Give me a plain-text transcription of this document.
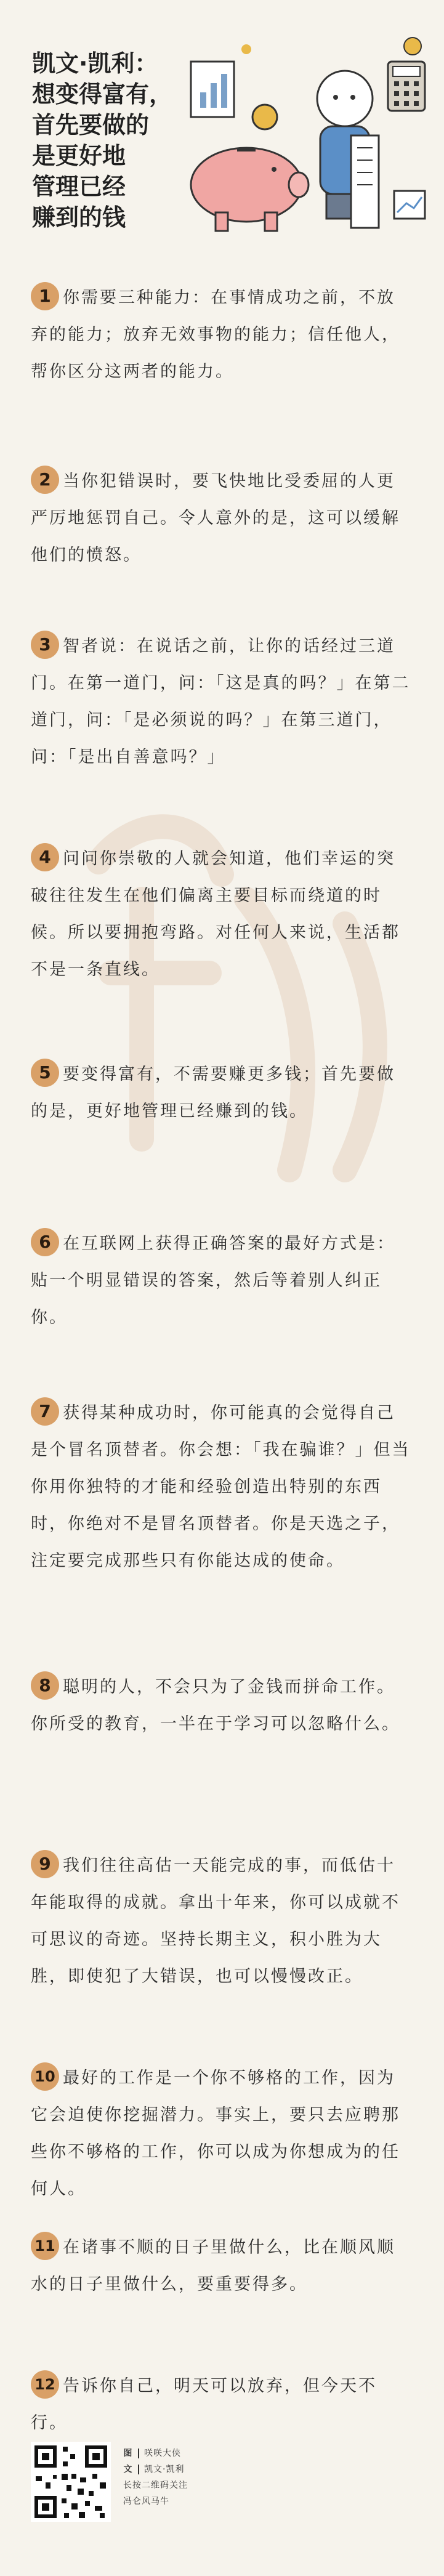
凯文·凯利：
想变得富有，
首先要做的
是更好地
管理已经
赚到的钱
1 你需要三种能力：在事情成功之前，不放弃的能力；放弃无效事物的能力；信任他人，帮你区分这两者的能力。

2 当你犯错误时，要飞快地比受委屈的人更严厉地惩罚自己。令人意外的是，这可以缓解他们的愤怒。

3 智者说：在说话之前，让你的话经过三道门。在第一道门，问：「这是真的吗？」在第二道门，问：「是必须说的吗？」在第三道门，问：「是出自善意吗？」

4 问问你崇敬的人就会知道，他们幸运的突破往往发生在他们偏离主要目标而绕道的时候。所以要拥抱弯路。对任何人来说，生活都不是一条直线。

5 要变得富有，不需要赚更多钱；首先要做的是，更好地管理已经赚到的钱。

6 在互联网上获得正确答案的最好方式是：贴一个明显错误的答案，然后等着别人纠正你。

7 获得某种成功时，你可能真的会觉得自己是个冒名顶替者。你会想：「我在骗谁？」但当你用你独特的才能和经验创造出特别的东西时，你绝对不是冒名顶替者。你是天选之子，注定要完成那些只有你能达成的使命。

8 聪明的人，不会只为了金钱而拼命工作。你所受的教育，一半在于学习可以忽略什么。

9 我们往往高估一天能完成的事，而低估十年能取得的成就。拿出十年来，你可以成就不可思议的奇迹。坚持长期主义，积小胜为大胜，即使犯了大错误，也可以慢慢改正。

10 最好的工作是一个你不够格的工作，因为它会迫使你挖掘潜力。事实上，要只去应聘那些你不够格的工作，你可以成为你想成为的任何人。

11 在诸事不顺的日子里做什么，比在顺风顺水的日子里做什么，要重要得多。

12 告诉你自己，明天可以放弃，但今天不行。

图 咲咲大侠
文 凯文·凯利
长按二维码关注
冯仑风马牛
